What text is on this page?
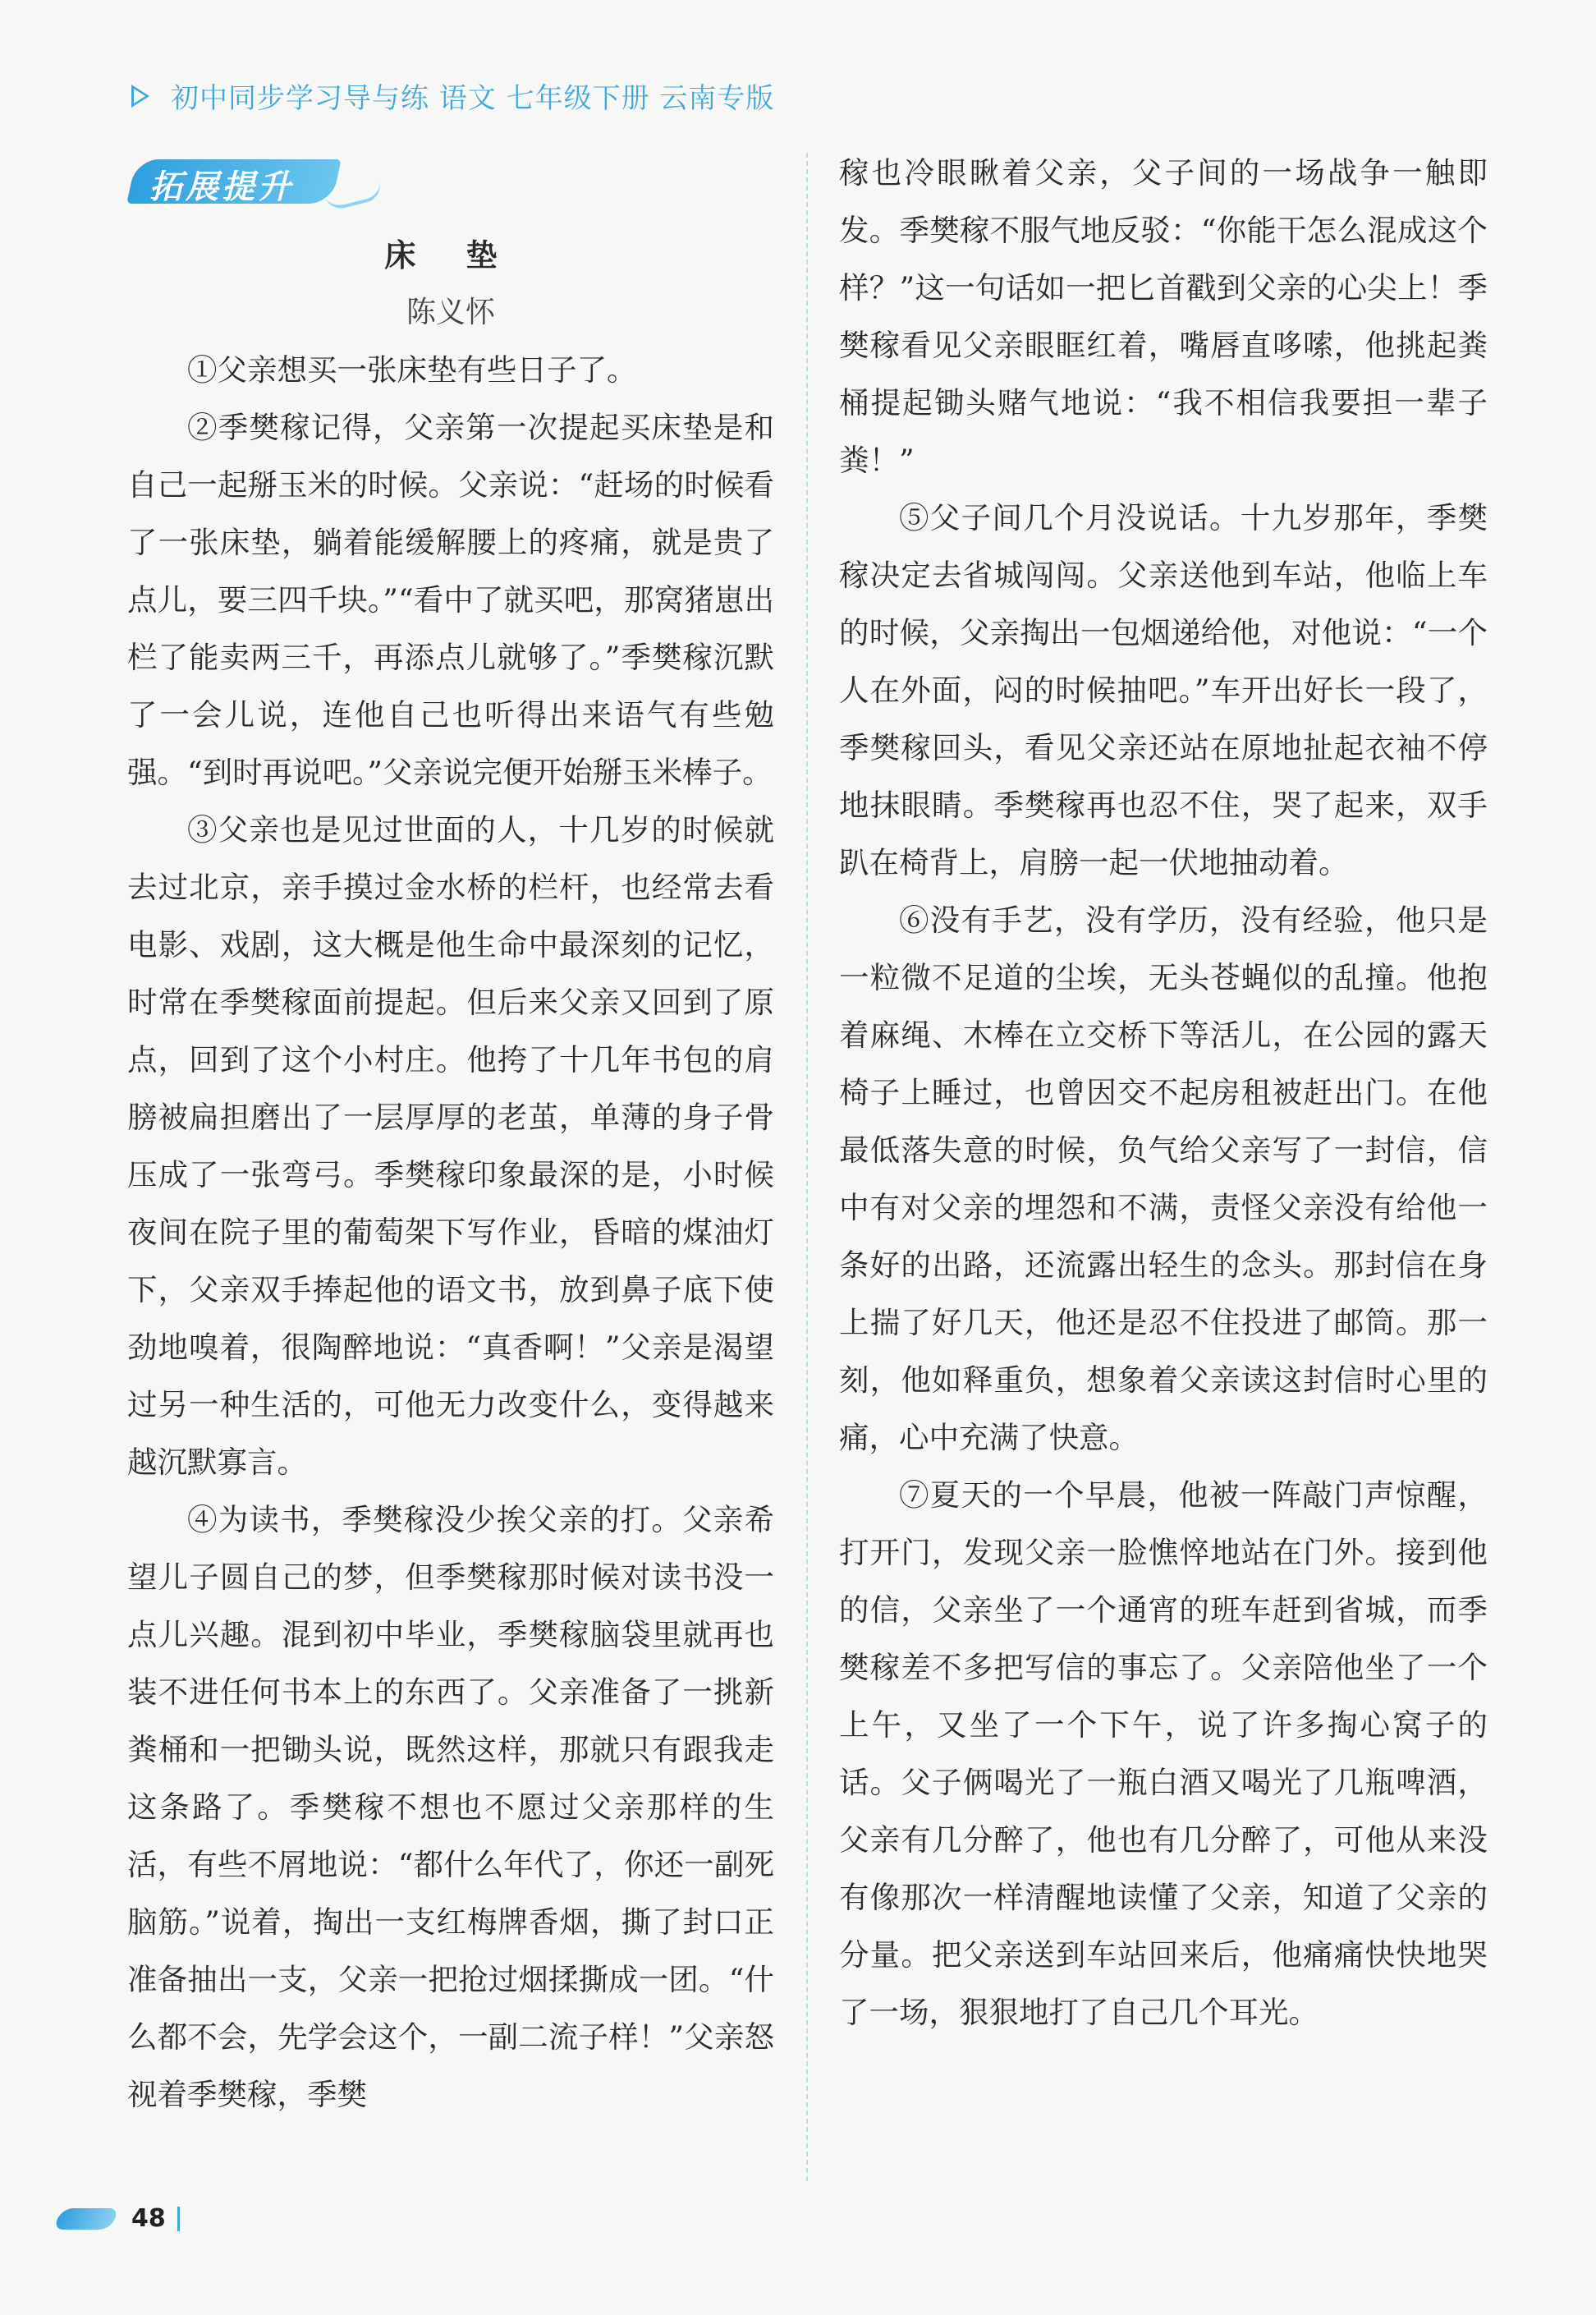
初中同步学习导与练 语文 七年级下册 云南专版
拓展提升
床 垫
陈义怀

①父亲想买一张床垫有些日子了。

②季樊稼记得，父亲第一次提起买床垫是和自己一起掰玉米的时候。父亲说：“赶场的时候看了一张床垫，躺着能缓解腰上的疼痛，就是贵了点儿，要三四千块。”“看中了就买吧，那窝猪崽出栏了能卖两三千，再添点儿就够了。”季樊稼沉默了一会儿说，连他自己也听得出来语气有些勉强。“到时再说吧。”父亲说完便开始掰玉米棒子。

③父亲也是见过世面的人，十几岁的时候就去过北京，亲手摸过金水桥的栏杆，也经常去看电影、戏剧，这大概是他生命中最深刻的记忆，时常在季樊稼面前提起。但后来父亲又回到了原点，回到了这个小村庄。他挎了十几年书包的肩膀被扁担磨出了一层厚厚的老茧，单薄的身子骨压成了一张弯弓。季樊稼印象最深的是，小时候夜间在院子里的葡萄架下写作业，昏暗的煤油灯下，父亲双手捧起他的语文书，放到鼻子底下使劲地嗅着，很陶醉地说：“真香啊！”父亲是渴望过另一种生活的，可他无力改变什么，变得越来越沉默寡言。

④为读书，季樊稼没少挨父亲的打。父亲希望儿子圆自己的梦，但季樊稼那时候对读书没一点儿兴趣。混到初中毕业，季樊稼脑袋里就再也装不进任何书本上的东西了。父亲准备了一挑新粪桶和一把锄头说，既然这样，那就只有跟我走这条路了。季樊稼不想也不愿过父亲那样的生活，有些不屑地说：“都什么年代了，你还一副死脑筋。”说着，掏出一支红梅牌香烟，撕了封口正准备抽出一支，父亲一把抢过烟揉撕成一团。“什么都不会，先学会这个，一副二流子样！”父亲怒视着季樊稼，季樊

稼也冷眼瞅着父亲，父子间的一场战争一触即发。季樊稼不服气地反驳：“你能干怎么混成这个样？”这一句话如一把匕首戳到父亲的心尖上！季樊稼看见父亲眼眶红着，嘴唇直哆嗦，他挑起粪桶提起锄头赌气地说：“我不相信我要担一辈子粪！”

⑤父子间几个月没说话。十九岁那年，季樊稼决定去省城闯闯。父亲送他到车站，他临上车的时候，父亲掏出一包烟递给他，对他说：“一个人在外面，闷的时候抽吧。”车开出好长一段了，季樊稼回头，看见父亲还站在原地扯起衣袖不停地抹眼睛。季樊稼再也忍不住，哭了起来，双手趴在椅背上，肩膀一起一伏地抽动着。

⑥没有手艺，没有学历，没有经验，他只是一粒微不足道的尘埃，无头苍蝇似的乱撞。他抱着麻绳、木棒在立交桥下等活儿，在公园的露天椅子上睡过，也曾因交不起房租被赶出门。在他最低落失意的时候，负气给父亲写了一封信，信中有对父亲的埋怨和不满，责怪父亲没有给他一条好的出路，还流露出轻生的念头。那封信在身上揣了好几天，他还是忍不住投进了邮筒。那一刻，他如释重负，想象着父亲读这封信时心里的痛，心中充满了快意。

⑦夏天的一个早晨，他被一阵敲门声惊醒，打开门，发现父亲一脸憔悴地站在门外。接到他的信，父亲坐了一个通宵的班车赶到省城，而季樊稼差不多把写信的事忘了。父亲陪他坐了一个上午，又坐了一个下午，说了许多掏心窝子的话。父子俩喝光了一瓶白酒又喝光了几瓶啤酒，父亲有几分醉了，他也有几分醉了，可他从来没有像那次一样清醒地读懂了父亲，知道了父亲的分量。把父亲送到车站回来后，他痛痛快快地哭了一场，狠狠地打了自己几个耳光。

48
